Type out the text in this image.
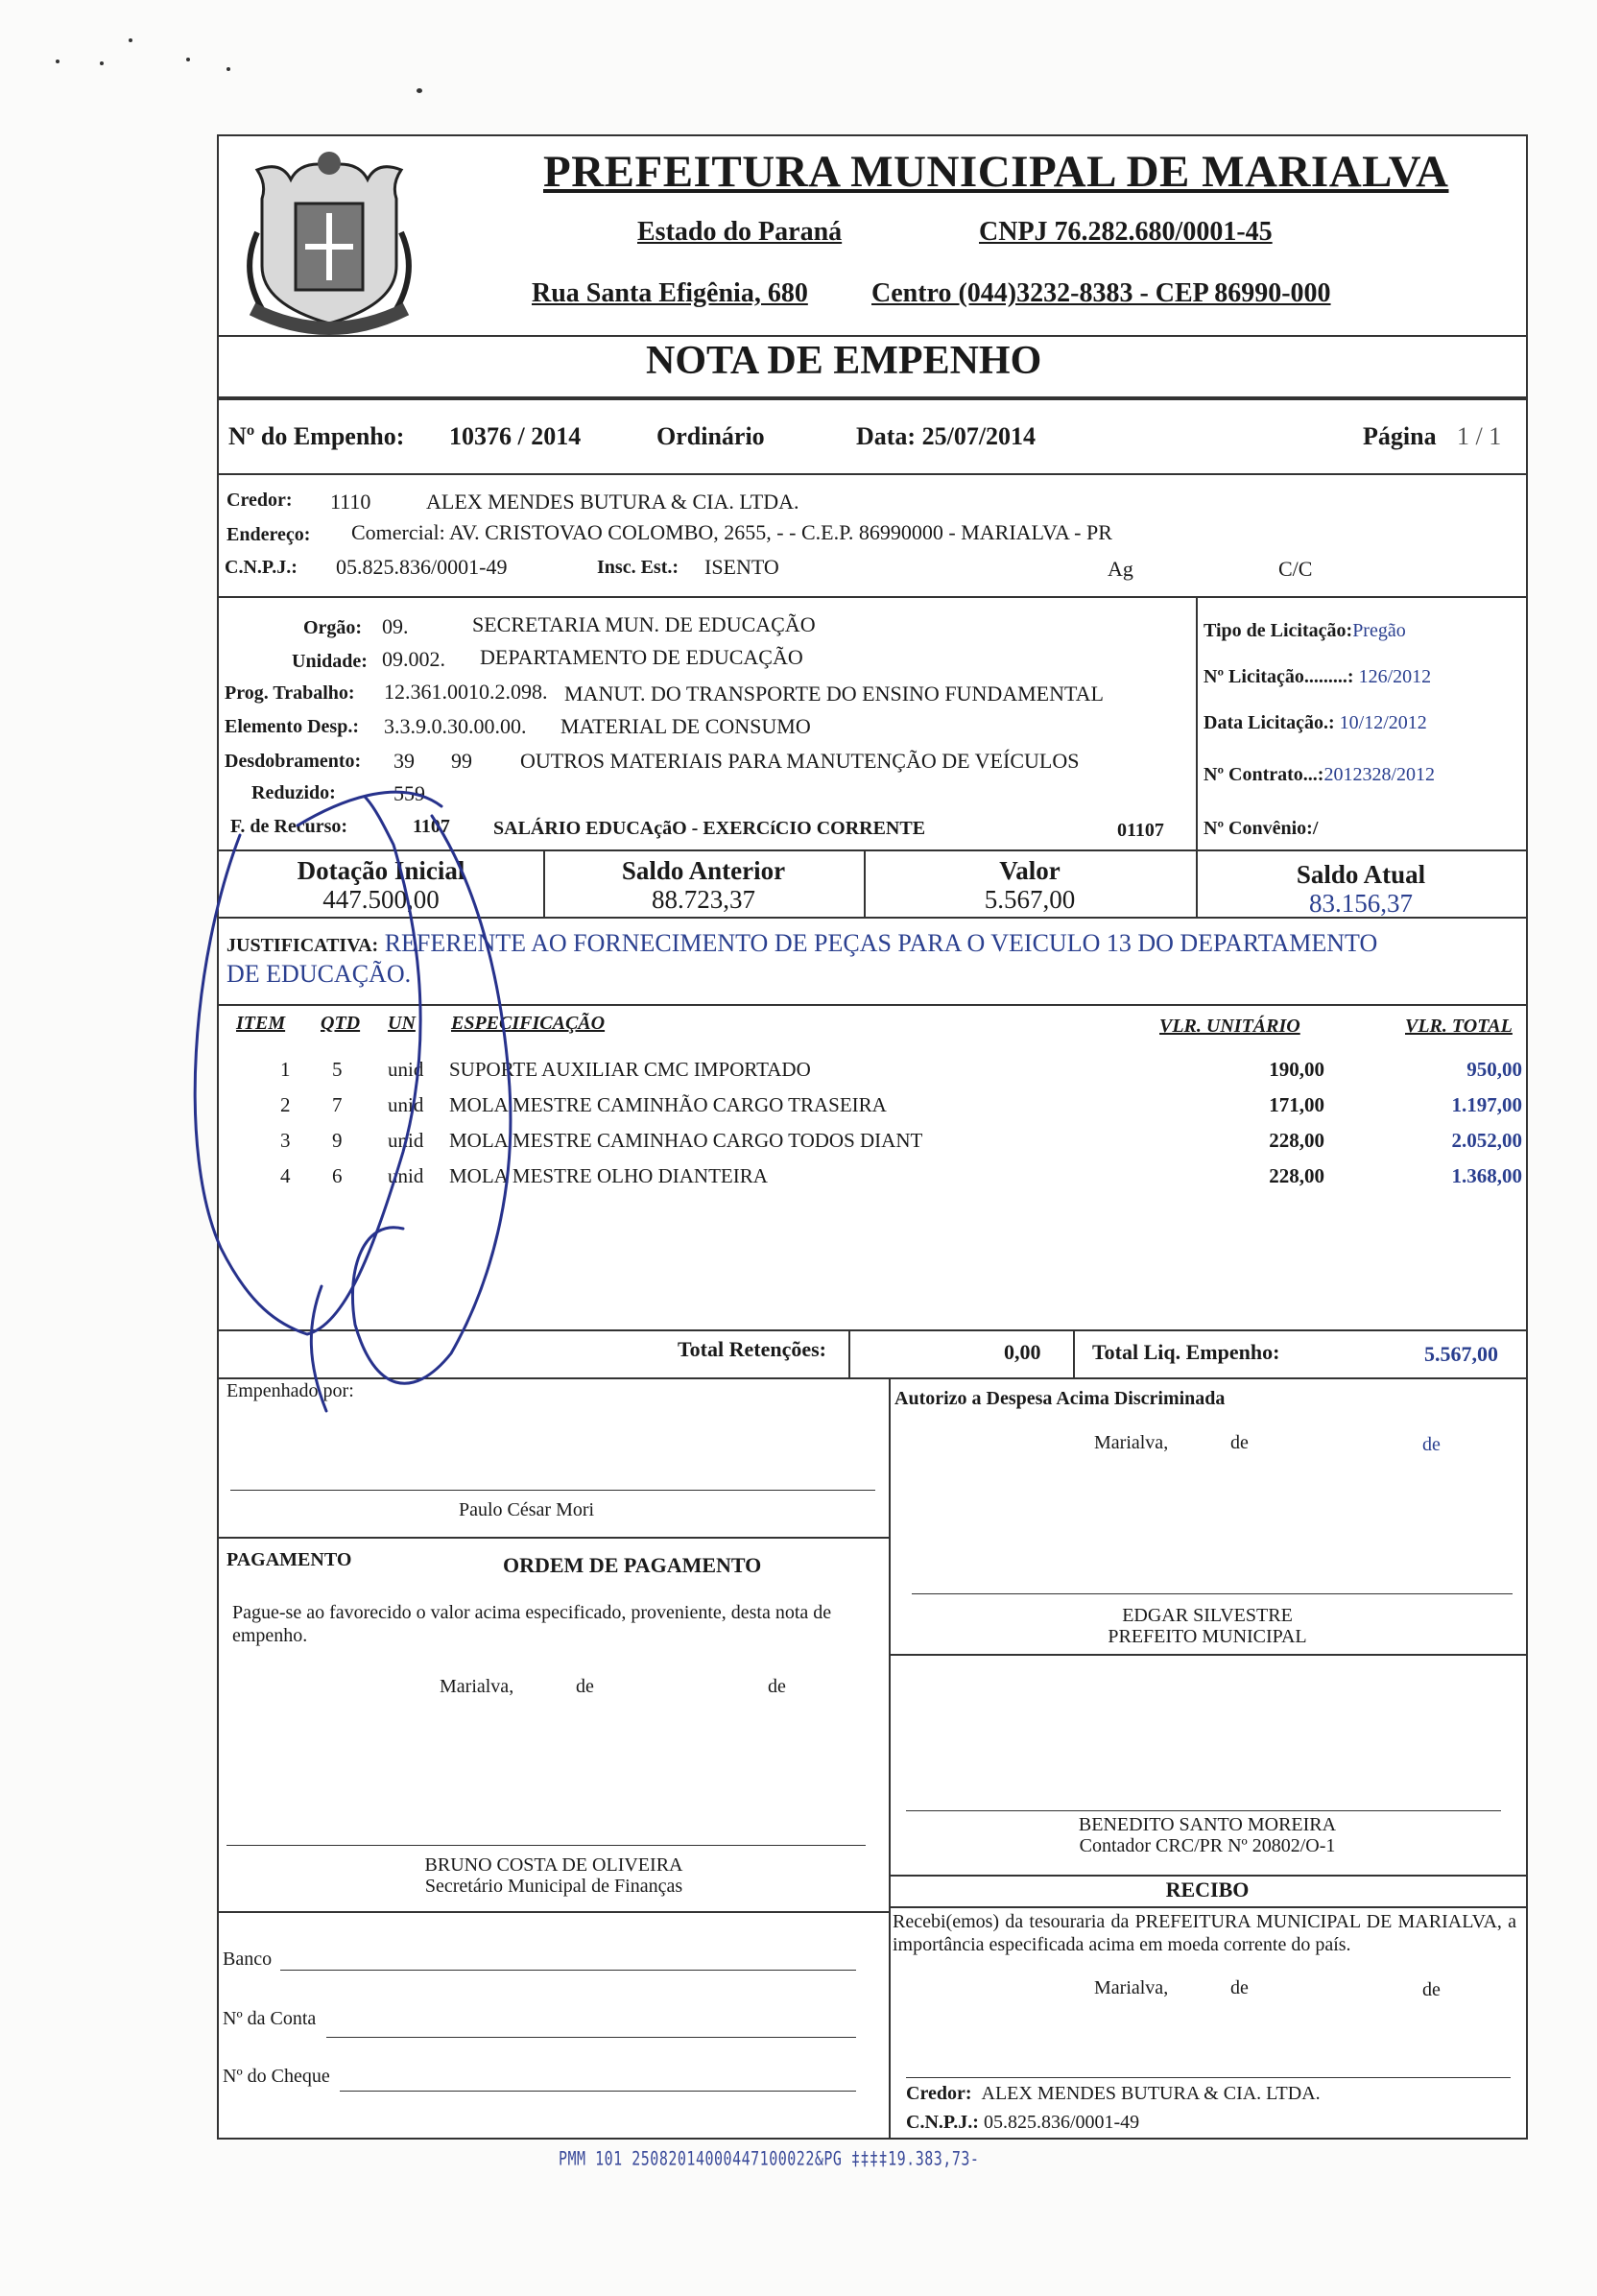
PREFEITURA MUNICIPAL DE MARIALVA
Estado do Paraná	CNPJ 76.282.680/0001-45
Rua Santa Efigênia, 680 Centro (044)3232-8383 - CEP 86990-000
NOTA DE EMPENHO
Nº do Empenho: 10376 / 2014	Ordinário	Data: 25/07/2014	Página 1 / 1
Credor: 1110	ALEX MENDES BUTURA & CIA. LTDA.
Endereço: Comercial: AV. CRISTOVAO COLOMBO, 2655, - - C.E.P. 86990000 - MARIALVA - PR
C.N.P.J.: 05.825.836/0001-49	Insc. Est.: ISENTO	Ag	C/C
Orgão: 09.	SECRETARIA MUN. DE EDUCAÇÃO
Unidade: 09.002. DEPARTAMENTO DE EDUCAÇÃO
Prog. Trabalho: 12.361.0010.2.098. MANUT. DO TRANSPORTE DO ENSINO FUNDAMENTAL
Elemento Desp.: 3.3.9.0.30.00.00. MATERIAL DE CONSUMO
Desdobramento: 39 99 OUTROS MATERIAIS PARA MANUTENÇÃO DE VEÍCULOS
Reduzido:	559
F. de Recurso:	1107 SALÁRIO EDUCAçãO - EXERCíCIO CORRENTE	01107
Tipo de Licitação:Pregão
Nº Licitação.........: 126/2012
Data Licitação.: 10/12/2012
Nº Contrato...:2012328/2012
Nº Convênio:/
Dotação Inicial
447.500,00
Saldo Anterior
88.723,37
Valor
5.567,00
Saldo Atual
83.156,37
JUSTIFICATIVA: REFERENTE AO FORNECIMENTO DE PEÇAS PARA O VEICULO 13 DO DEPARTAMENTO
DE EDUCAÇÃO.
ITEM QTD UN ESPECIFICAÇÃO	VLR. UNITÁRIO	VLR. TOTAL
1 5 unid SUPORTE AUXILIAR CMC IMPORTADO	190,00	950,00
2 7 unid MOLA MESTRE CAMINHÃO CARGO TRASEIRA	171,00	1.197,00
3 9 unid MOLA MESTRE CAMINHAO CARGO TODOS DIANT	228,00	2.052,00
4 6 unid MOLA MESTRE OLHO DIANTEIRA	228,00	1.368,00
Total Retenções:	0,00 Total Liq. Empenho:	5.567,00
Empenhado por:
Paulo César Mori
Autorizo a Despesa Acima Discriminada
Marialva,	de	de
PAGAMENTO	ORDEM DE PAGAMENTO
Pague-se ao favorecido o valor acima especificado, proveniente, desta nota de empenho.
Marialva,	de	de
EDGAR SILVESTRE
PREFEITO MUNICIPAL
BENEDITO SANTO MOREIRA
Contador CRC/PR Nº 20802/O-1
BRUNO COSTA DE OLIVEIRA
Secretário Municipal de Finanças
Banco
Nº da Conta
Nº do Cheque
RECIBO
Recebi(emos) da tesouraria da PREFEITURA MUNICIPAL DE MARIALVA, a importância especificada acima em moeda corrente do país.
Marialva,	de	de
Credor: ALEX MENDES BUTURA & CIA. LTDA.
C.N.P.J.: 05.825.836/0001-49
PMM 101 25082014000447100022&PG ‡‡‡‡19.383,73-
